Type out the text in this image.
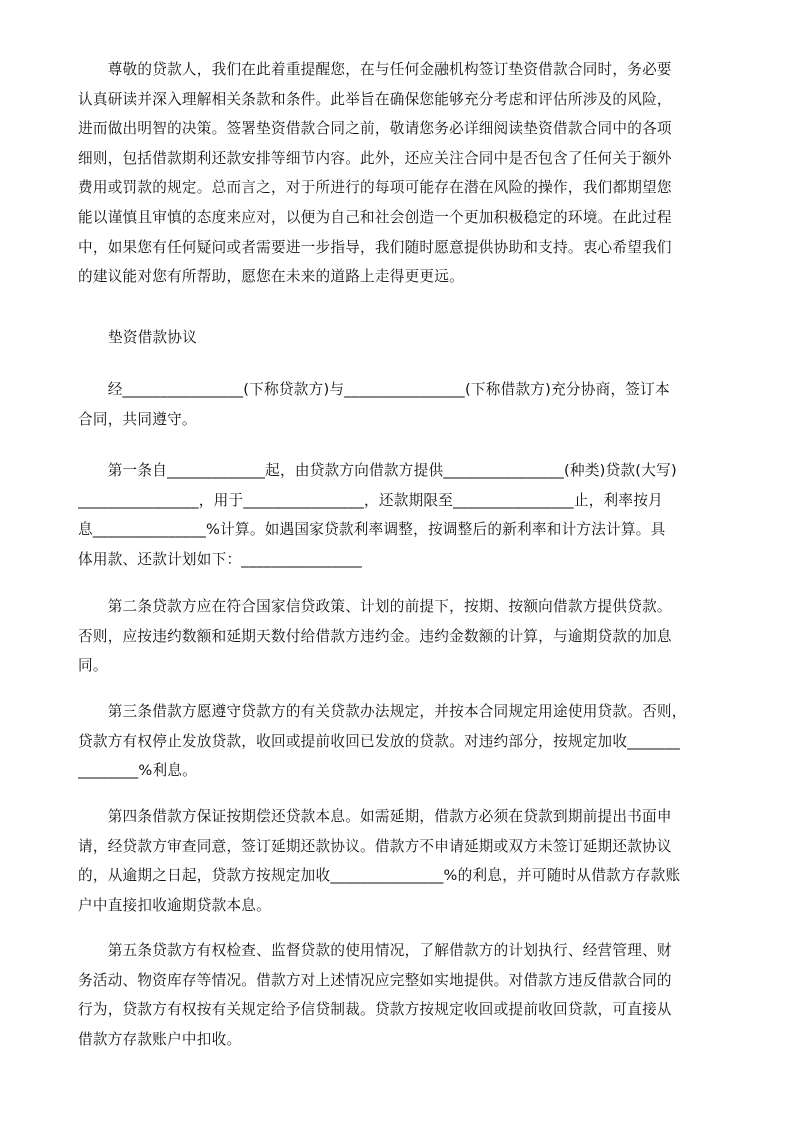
　　尊敬的贷款人，我们在此着重提醒您，在与任何金融机构签订垫资借款合同时，务必要
认真研读并深入理解相关条款和条件。此举旨在确保您能够充分考虑和评估所涉及的风险，
进而做出明智的决策。签署垫资借款合同之前，敬请您务必详细阅读垫资借款合同中的各项
细则，包括借款期利还款安排等细节内容。此外，还应关注合同中是否包含了任何关于额外
费用或罚款的规定。总而言之，对于所进行的每项可能存在潜在风险的操作，我们都期望您
能以谨慎且审慎的态度来应对，以便为自己和社会创造一个更加积极稳定的环境。在此过程
中，如果您有任何疑问或者需要进一步指导，我们随时愿意提供协助和支持。衷心希望我们
的建议能对您有所帮助，愿您在未来的道路上走得更更远。

垫资借款协议

　　经________________(下称贷款方)与________________(下称借款方)充分协商，签订本
合同，共同遵守。

　　第一条自_____________起，由贷款方向借款方提供________________(种类)贷款(大写)
________________，用于________________，还款期限至________________止，利率按月
息_______________%计算。如遇国家贷款利率调整，按调整后的新利率和计方法计算。具
体用款、还款计划如下：________________

　　第二条贷款方应在符合国家信贷政策、计划的前提下，按期、按额向借款方提供贷款。
否则，应按违约数额和延期天数付给借款方违约金。违约金数额的计算，与逾期贷款的加息
同。

　　第三条借款方愿遵守贷款方的有关贷款办法规定，并按本合同规定用途使用贷款。否则，
贷款方有权停止发放贷款，收回或提前收回已发放的贷款。对违约部分，按规定加收_______
________%利息。

　　第四条借款方保证按期偿还贷款本息。如需延期，借款方必须在贷款到期前提出书面申
请，经贷款方审查同意，签订延期还款协议。借款方不申请延期或双方未签订延期还款协议
的，从逾期之日起，贷款方按规定加收_______________%的利息，并可随时从借款方存款账
户中直接扣收逾期贷款本息。

　　第五条贷款方有权检查、监督贷款的使用情况，了解借款方的计划执行、经营管理、财
务活动、物资库存等情况。借款方对上述情况应完整如实地提供。对借款方违反借款合同的
行为，贷款方有权按有关规定给予信贷制裁。贷款方按规定收回或提前收回贷款，可直接从
借款方存款账户中扣收。
